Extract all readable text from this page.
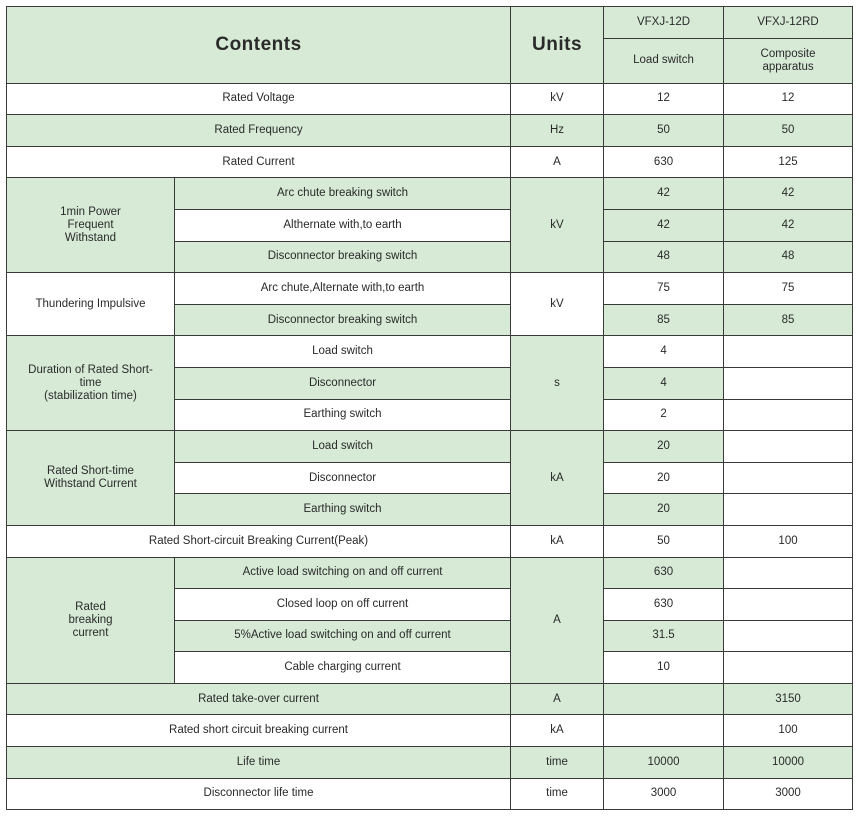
Contents		Units	VFXJ-12D	VFXJ-12RD
			Load switch	Composite
apparatus
Rated Voltage		kV	12	12
Rated Frequency		Hz	50	50
Rated Current		A	630	125
1min Power
Frequent
Withstand	Arc chute breaking switch	kV	42	42
	Althernate with,to earth		42	42
	Disconnector breaking switch		48	48
Thundering Impulsive	Arc chute,Alternate with,to earth	kV	75	75
	Disconnector breaking switch		85	85
Duration of Rated Short-
time
(stabilization time)	Load switch	s	4	
	Disconnector		4	
	Earthing switch		2	
Rated Short-time
Withstand Current	Load switch	kA	20	
	Disconnector		20	
	Earthing switch		20	
Rated Short-circuit Breaking Current(Peak)		kA	50	100
Rated
breaking
current	Active load switching on and off current	A	630	
	Closed loop on off current		630	
	5%Active load switching on and off current		31.5	
	Cable charging current		10	
Rated take-over current		A		3150
Rated short circuit breaking current		kA		100
Life time		time	10000	10000
Disconnector life time		time	3000	3000
